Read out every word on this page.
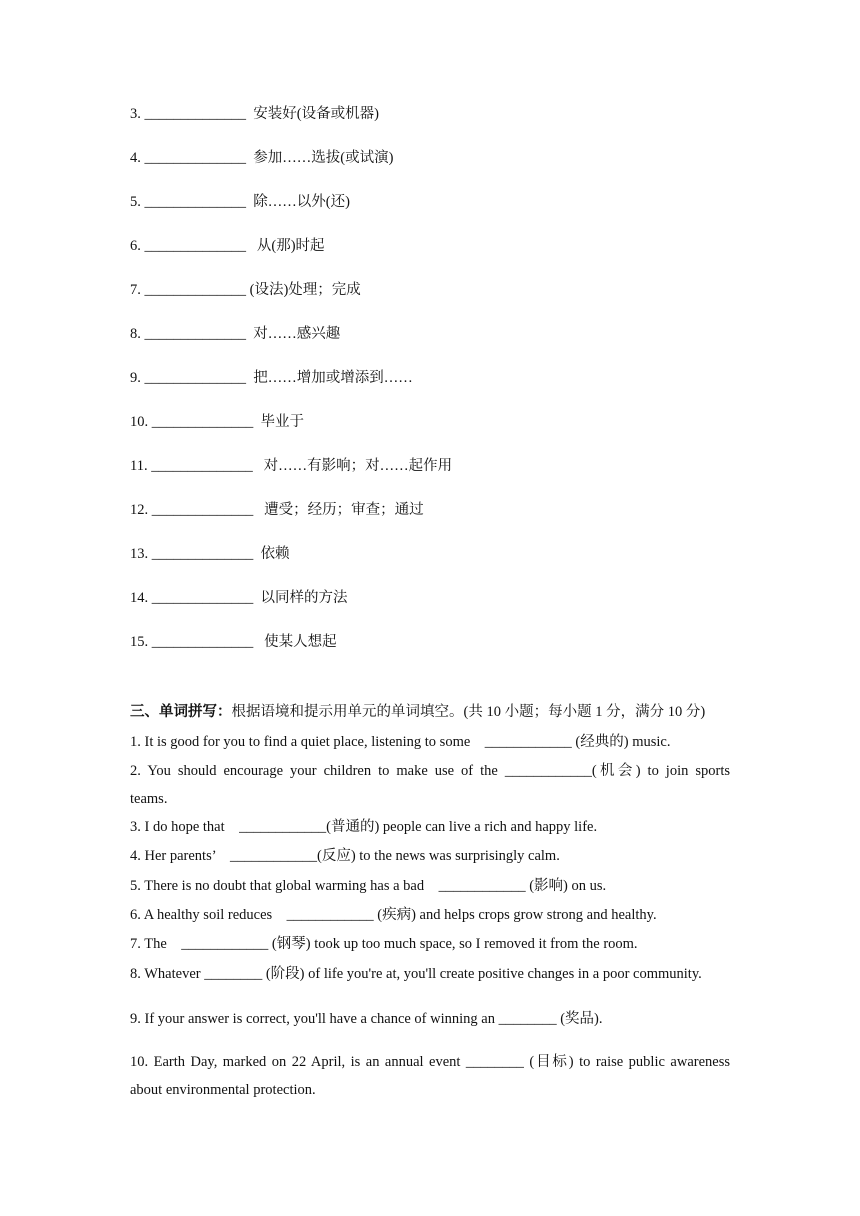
3. ______________ 安装好(设备或机器)
4. ______________ 参加……选拔(或试演)
5. ______________ 除……以外(还)
6. ______________   从(那)时起
7. ______________ (设法)处理；完成
8. ______________ 对……感兴趣
9. ______________ 把……增加或增添到……
10. ______________ 毕业于
11. ______________   对……有影响；对……起作用
12. ______________   遭受；经历；审查；通过
13. ______________ 依赖
14. ______________ 以同样的方法
15. ______________   使某人想起
三、单词拼写：根据语境和提示用单元的单词填空。(共 10 小题；每小题 1 分，满分 10 分)
1. It is good for you to find a quiet place, listening to some    ____________ (经典的) music.
2. You should encourage your children to make use of the ____________(机会) to join sports
teams.
3. I do hope that    ____________(普通的) people can live a rich and happy life.
4. Her parents’    ____________(反应) to the news was surprisingly calm.
5. There is no doubt that global warming has a bad    ____________ (影响) on us.
6. A healthy soil reduces    ____________ (疾病) and helps crops grow strong and healthy.
7. The    ____________ (钢琴) took up too much space, so I removed it from the room.
8. Whatever ________ (阶段) of life you're at, you'll create positive changes in a poor community.
9. If your answer is correct, you'll have a chance of winning an ________ (奖品).
10. Earth Day, marked on 22 April, is an annual event ________ (目标) to raise public awareness
about environmental protection.
